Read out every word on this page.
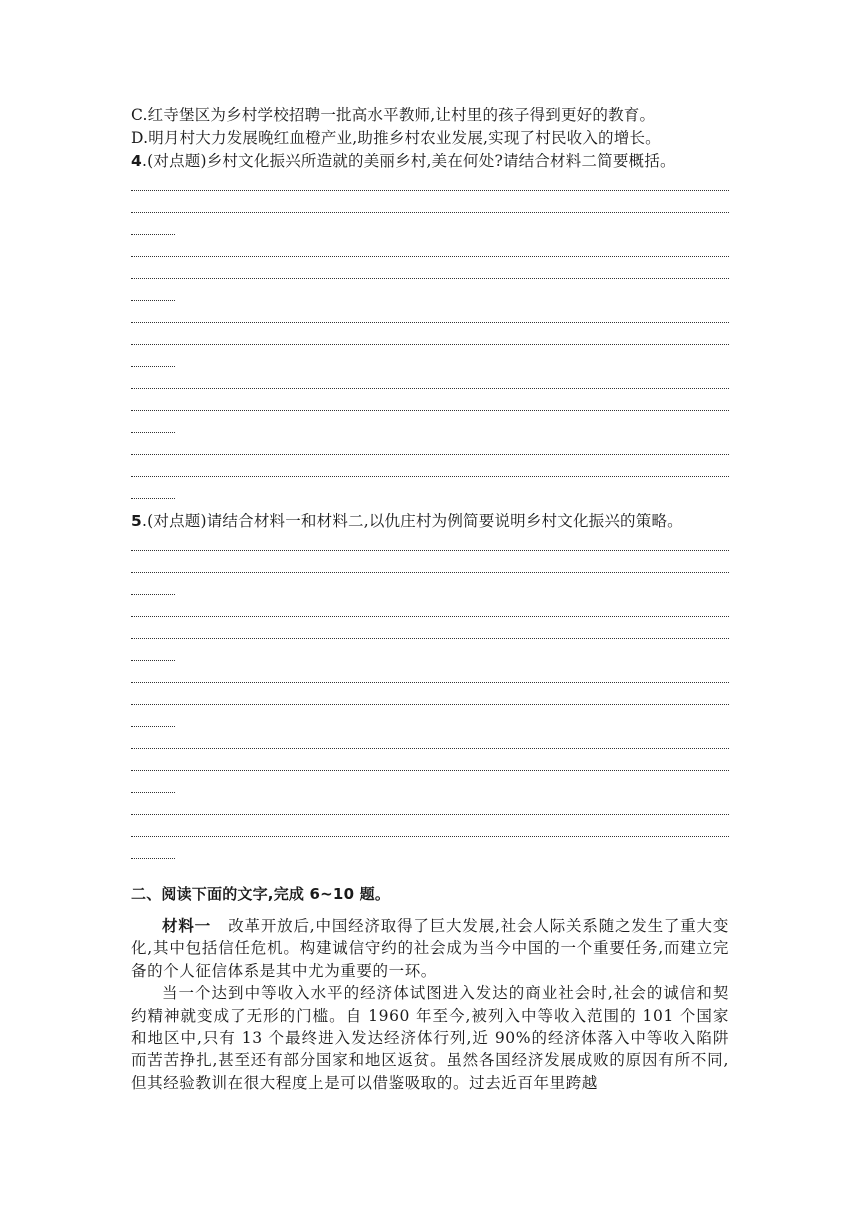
C.红寺堡区为乡村学校招聘一批高水平教师,让村里的孩子得到更好的教育。
D.明月村大力发展晚红血橙产业,助推乡村农业发展,实现了村民收入的增长。
4.(对点题)乡村文化振兴所造就的美丽乡村,美在何处?请结合材料二简要概括。
5.(对点题)请结合材料一和材料二,以仇庄村为例简要说明乡村文化振兴的策略。
二、阅读下面的文字,完成 6~10 题。
材料一 改革开放后,中国经济取得了巨大发展,社会人际关系随之发生了重大变化,其中包括信任危机。构建诚信守约的社会成为当今中国的一个重要任务,而建立完备的个人征信体系是其中尤为重要的一环。
当一个达到中等收入水平的经济体试图进入发达的商业社会时,社会的诚信和契约精神就变成了无形的门槛。自 1960 年至今,被列入中等收入范围的 101 个国家和地区中,只有 13 个最终进入发达经济体行列,近 90%的经济体落入中等收入陷阱而苦苦挣扎,甚至还有部分国家和地区返贫。虽然各国经济发展成败的原因有所不同,但其经验教训在很大程度上是可以借鉴吸取的。过去近百年里跨越
